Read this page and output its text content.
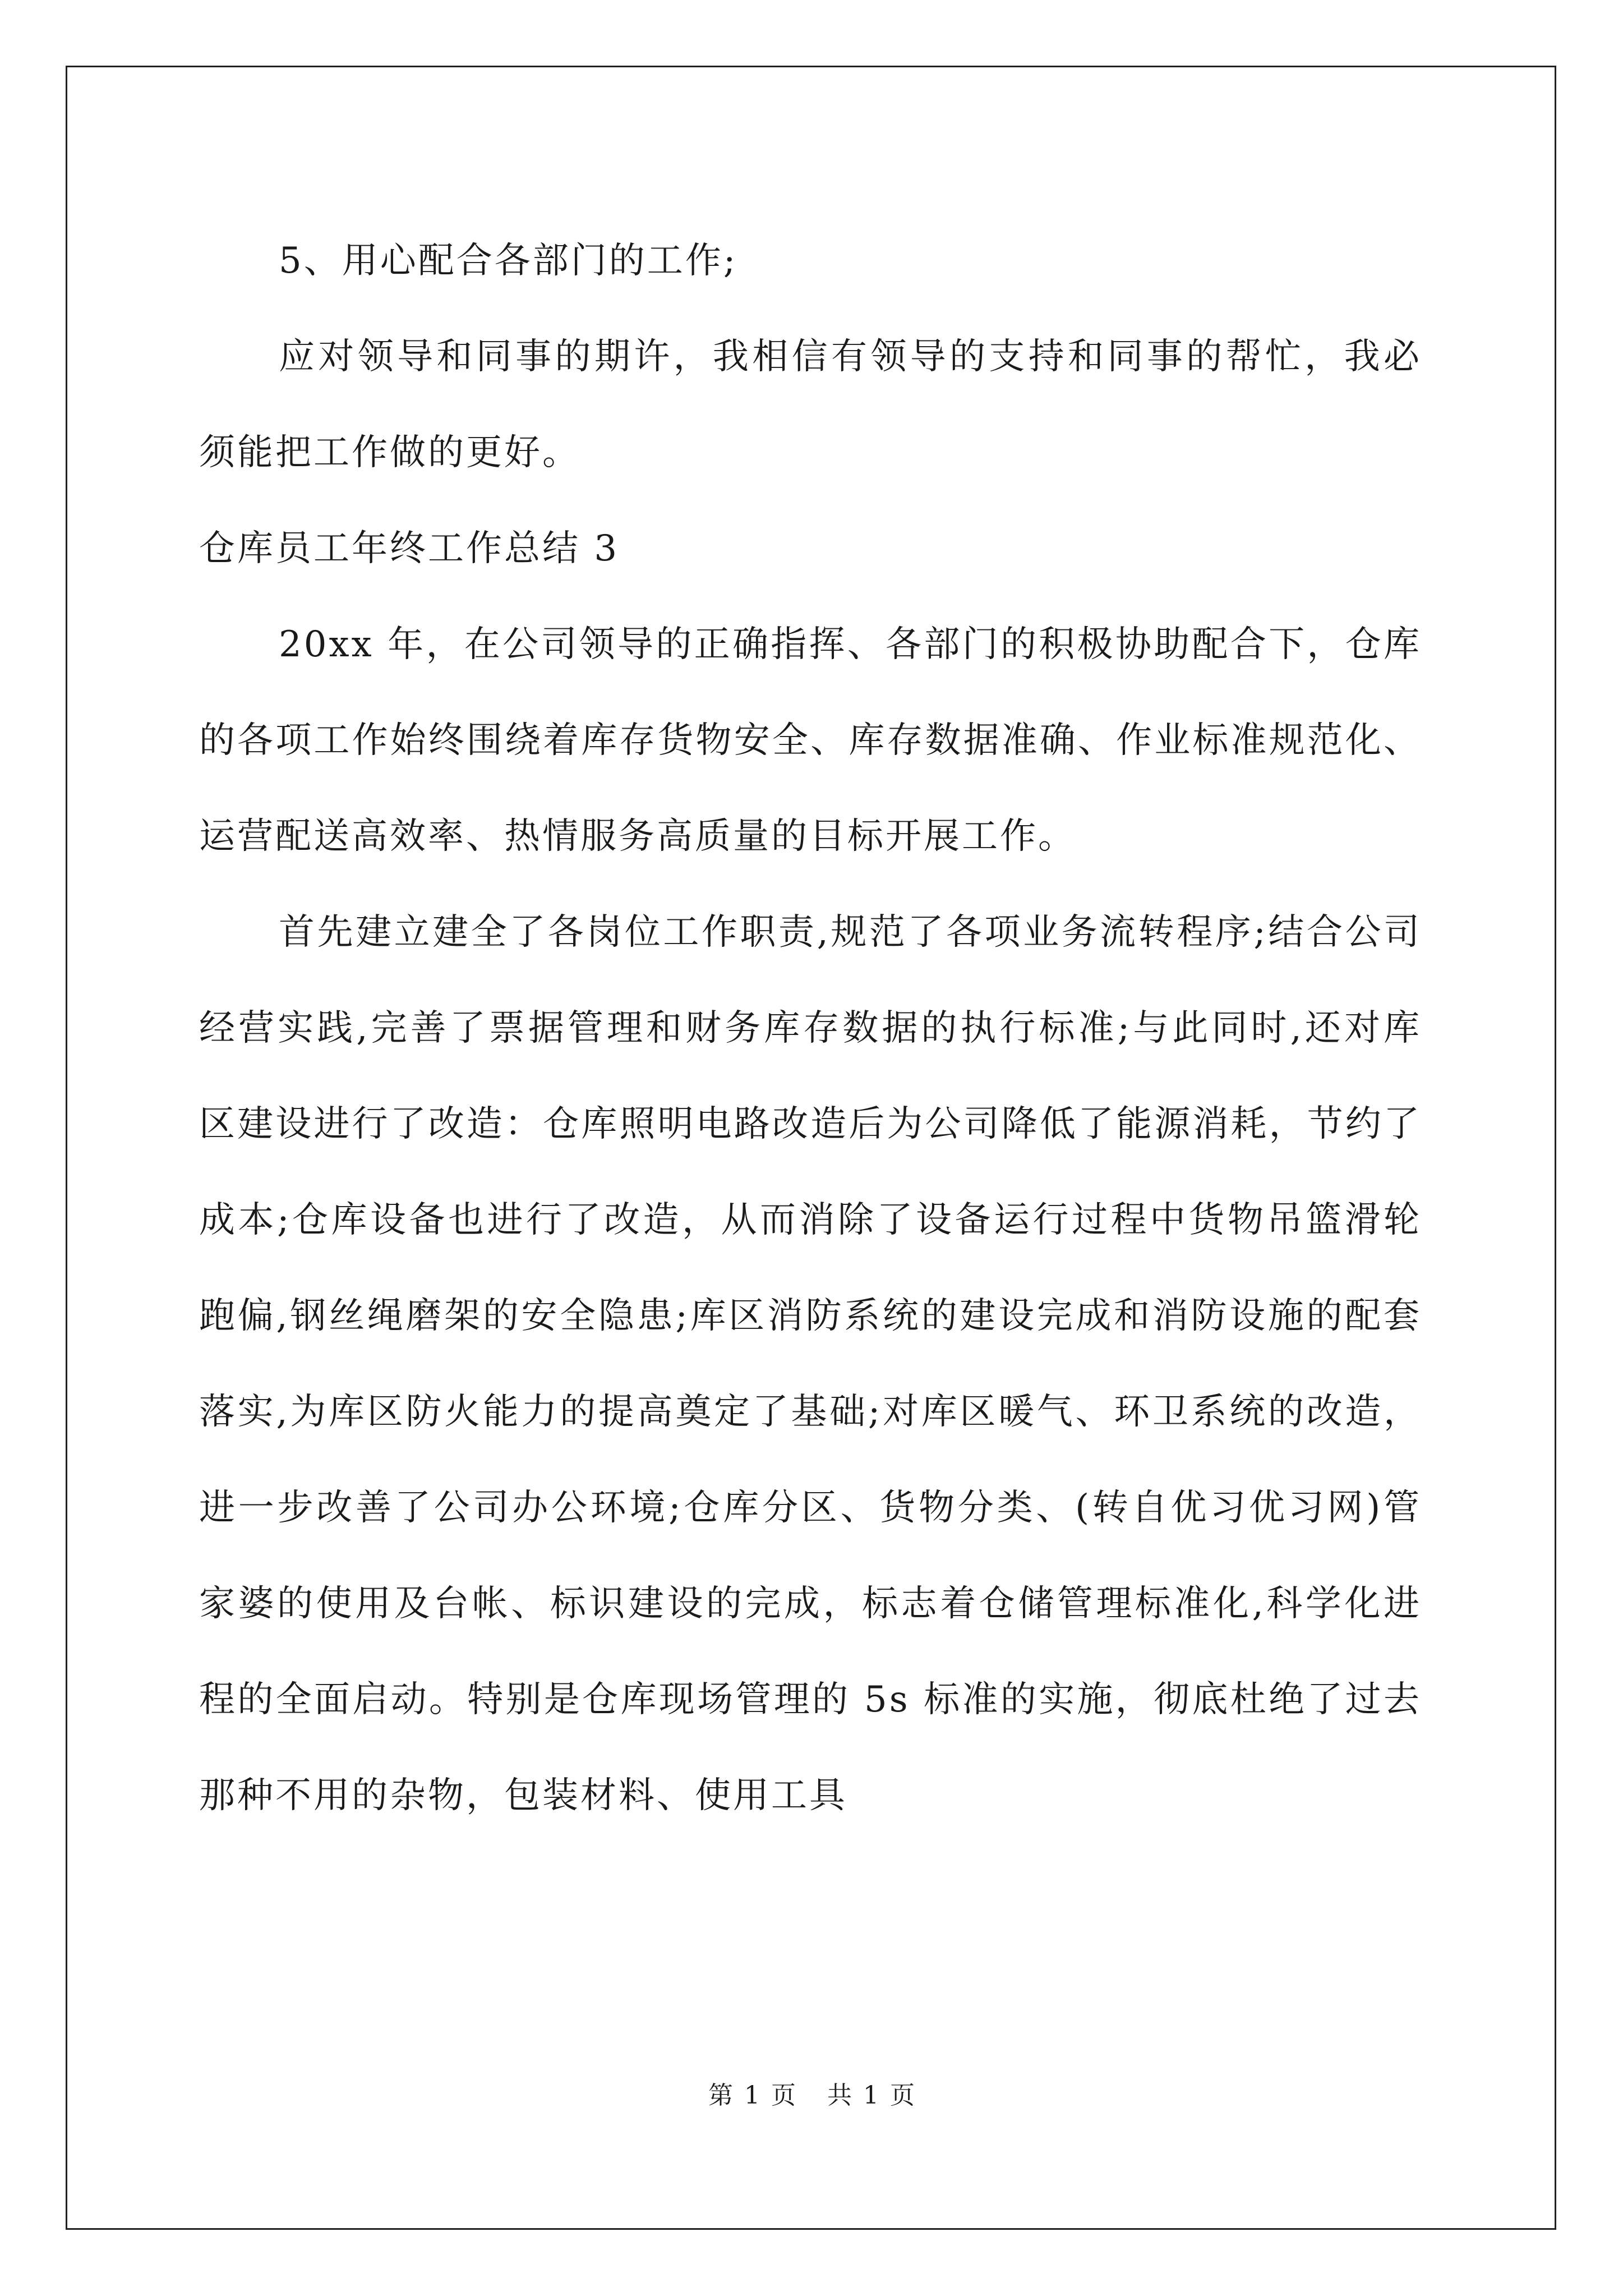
5、用心配合各部门的工作;

应对领导和同事的期许，我相信有领导的支持和同事的帮忙，我必须能把工作做的更好。

仓库员工年终工作总结 3

20xx 年，在公司领导的正确指挥、各部门的积极协助配合下，仓库的各项工作始终围绕着库存货物安全、库存数据准确、作业标准规范化、运营配送高效率、热情服务高质量的目标开展工作。

首先建立建全了各岗位工作职责,规范了各项业务流转程序;结合公司经营实践,完善了票据管理和财务库存数据的执行标准;与此同时,还对库区建设进行了改造：仓库照明电路改造后为公司降低了能源消耗，节约了成本;仓库设备也进行了改造，从而消除了设备运行过程中货物吊篮滑轮跑偏,钢丝绳磨架的安全隐患;库区消防系统的建设完成和消防设施的配套落实,为库区防火能力的提高奠定了基础;对库区暖气、环卫系统的改造，进一步改善了公司办公环境;仓库分区、货物分类、(转自优习优习网)管家婆的使用及台帐、标识建设的完成，标志着仓储管理标准化,科学化进程的全面启动。特别是仓库现场管理的 5s 标准的实施，彻底杜绝了过去那种不用的杂物，包装材料、使用工具

第 1 页 共 1 页
